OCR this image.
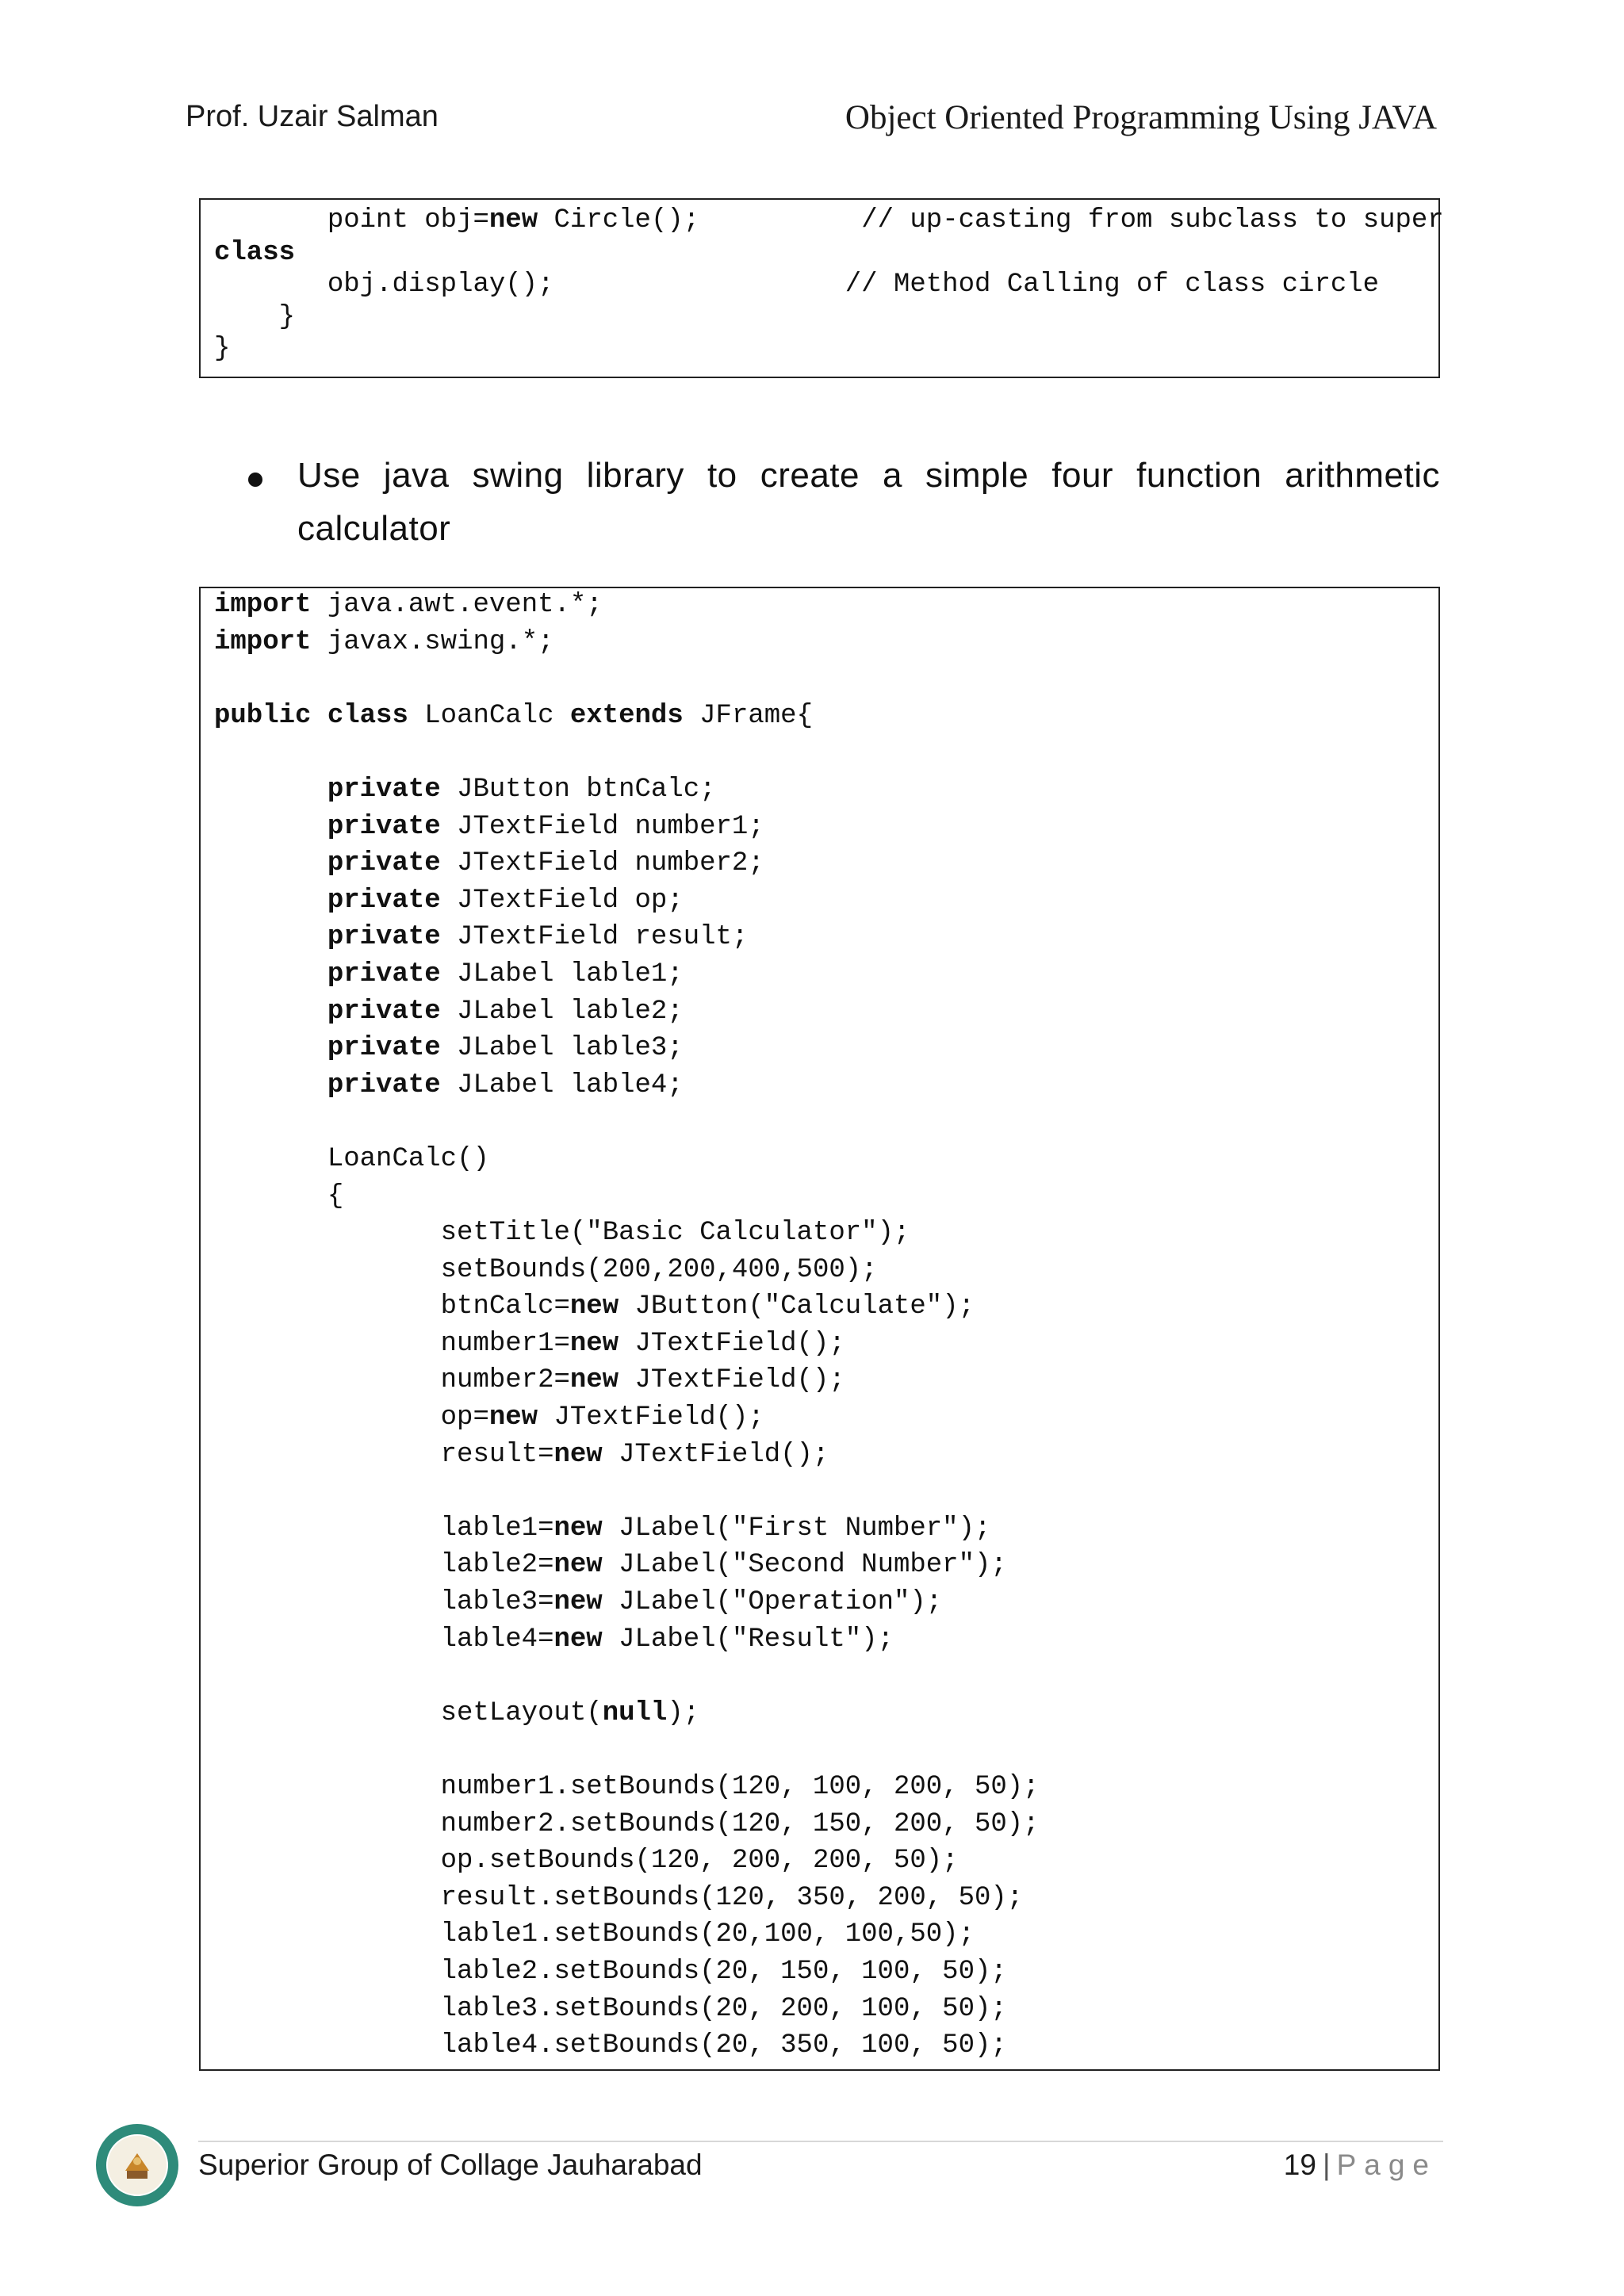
Prof. Uzair Salman	Object Oriented Programming Using JAVA
point obj=new Circle();          // up-casting from subclass to super
class
obj.display();                  // Method Calling of class circle
}
}
Use java swing library to create a simple four function arithmetic calculator
import java.awt.event.*;
import javax.swing.*;

public class LoanCalc extends JFrame{

private JButton btnCalc;
private JTextField number1;
private JTextField number2;
private JTextField op;
private JTextField result;
private JLabel lable1;
private JLabel lable2;
private JLabel lable3;
private JLabel lable4;

LoanCalc()
{
setTitle("Basic Calculator");
setBounds(200,200,400,500);
btnCalc=new JButton("Calculate");
number1=new JTextField();
number2=new JTextField();
op=new JTextField();
result=new JTextField();

lable1=new JLabel("First Number");
lable2=new JLabel("Second Number");
lable3=new JLabel("Operation");
lable4=new JLabel("Result");

setLayout(null);

number1.setBounds(120, 100, 200, 50);
number2.setBounds(120, 150, 200, 50);
op.setBounds(120, 200, 200, 50);
result.setBounds(120, 350, 200, 50);
lable1.setBounds(20,100, 100,50);
lable2.setBounds(20, 150, 100, 50);
lable3.setBounds(20, 200, 100, 50);
lable4.setBounds(20, 350, 100, 50);
Superior Group of Collage Jauharabad	19 | Page
